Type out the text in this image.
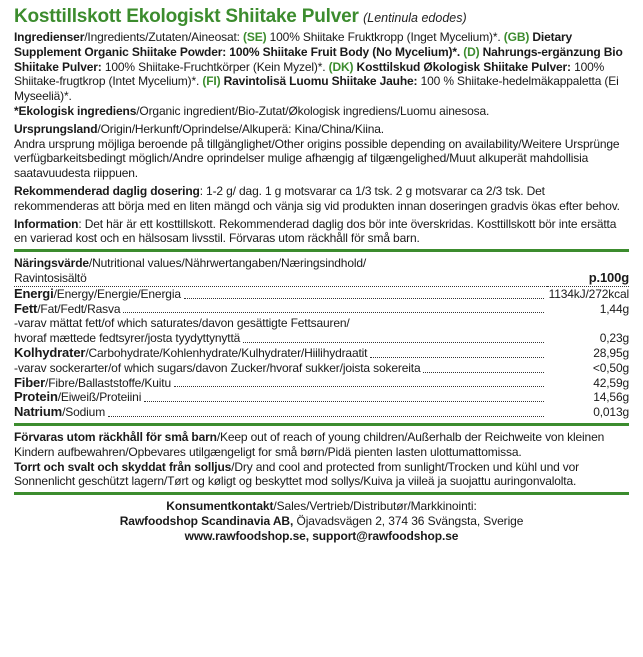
Kosttillskott Ekologiskt Shiitake Pulver (Lentinula edodes)

Ingredienser/Ingredients/Zutaten/Aineosat: (SE) 100% Shiitake Fruktkropp (Inget Mycelium)*. (GB) Dietary Supplement Organic Shiitake Powder: 100% Shiitake Fruit Body (No Mycelium)*. (D) Nahrungs-ergänzung Bio Shiitake Pulver: 100% Shiitake-Fruchtkörper (Kein Myzel)*. (DK) Kosttilskud Økologisk Shiitake Pulver: 100% Shiitake-frugtkrop (Intet Mycelium)*. (FI) Ravintolisä Luomu Shiitake Jauhe: 100 % Shiitake-hedelmäkappaletta (Ei Myseeliä)*.
*Ekologisk ingrediens/Organic ingredient/Bio-Zutat/Økologisk ingrediens/Luomu ainesosa.

Ursprungsland/Origin/Herkunft/Oprindelse/Alkuperä: Kina/China/Kiina.
Andra ursprung möjliga beroende på tillgänglighet/Other origins possible depending on availability/Weitere Ursprünge verfügbarkeitsbedingt möglich/Andre oprindelser mulige afhængig af tilgængelighed/Muut alkuperät mahdollisia saatavuudesta riippuen.

Rekommenderad daglig dosering: 1-2 g/ dag. 1 g motsvarar ca 1/3 tsk. 2 g motsvarar ca 2/3 tsk. Det rekommenderas att börja med en liten mängd och vänja sig vid produkten innan doseringen gradvis ökas efter behov.

Information: Det här är ett kosttillskott. Rekommenderad daglig dos bör inte överskridas. Kosttillskott bör inte ersätta en varierad kost och en hälsosam livsstil. Förvaras utom räckhåll för små barn.

Näringsvärde/Nutritional values/Nährwertangaben/Næringsindhold/	
Ravintosisältö	p.100g

Energi/Energy/Energie/Energia	1134kJ/272kcal

Fett/Fat/Fedt/Rasva	1,44g

-varav mättat fett/of which saturates/davon gesättigte Fettsauren/	

hvoraf mættede fedtsyrer/josta tyydyttynyttä	0,23g

Kolhydrater/Carbohydrate/Kohlenhydrate/Kulhydrater/Hiilihydraatit	28,95g

-varav sockerarter/of which sugars/davon Zucker/hvoraf sukker/joista sokereita	<0,50g

Fiber/Fibre/Ballaststoffe/Kuitu	42,59g

Protein/Eiweiß/Proteiini	14,56g

Natrium/Sodium	0,013g

Förvaras utom räckhåll för små barn/Keep out of reach of young children/Außerhalb der Reichweite von kleinen Kindern aufbewahren/Opbevares utilgængeligt for små børn/Pidä pienten lasten ulottumattomissa.
Torrt och svalt och skyddat från solljus/Dry and cool and protected from sunlight/Trocken und kühl und vor Sonnenlicht geschützt lagern/Tørt og køligt og beskyttet mod sollys/Kuiva ja viileä ja suojattu auringonvalolta.

Konsumentkontakt/Sales/Vertrieb/Distributør/Markkinointi:
Rawfoodshop Scandinavia AB, Öjavadsvägen 2, 374 36 Svängsta, Sverige
www.rawfoodshop.se, support@rawfoodshop.se
